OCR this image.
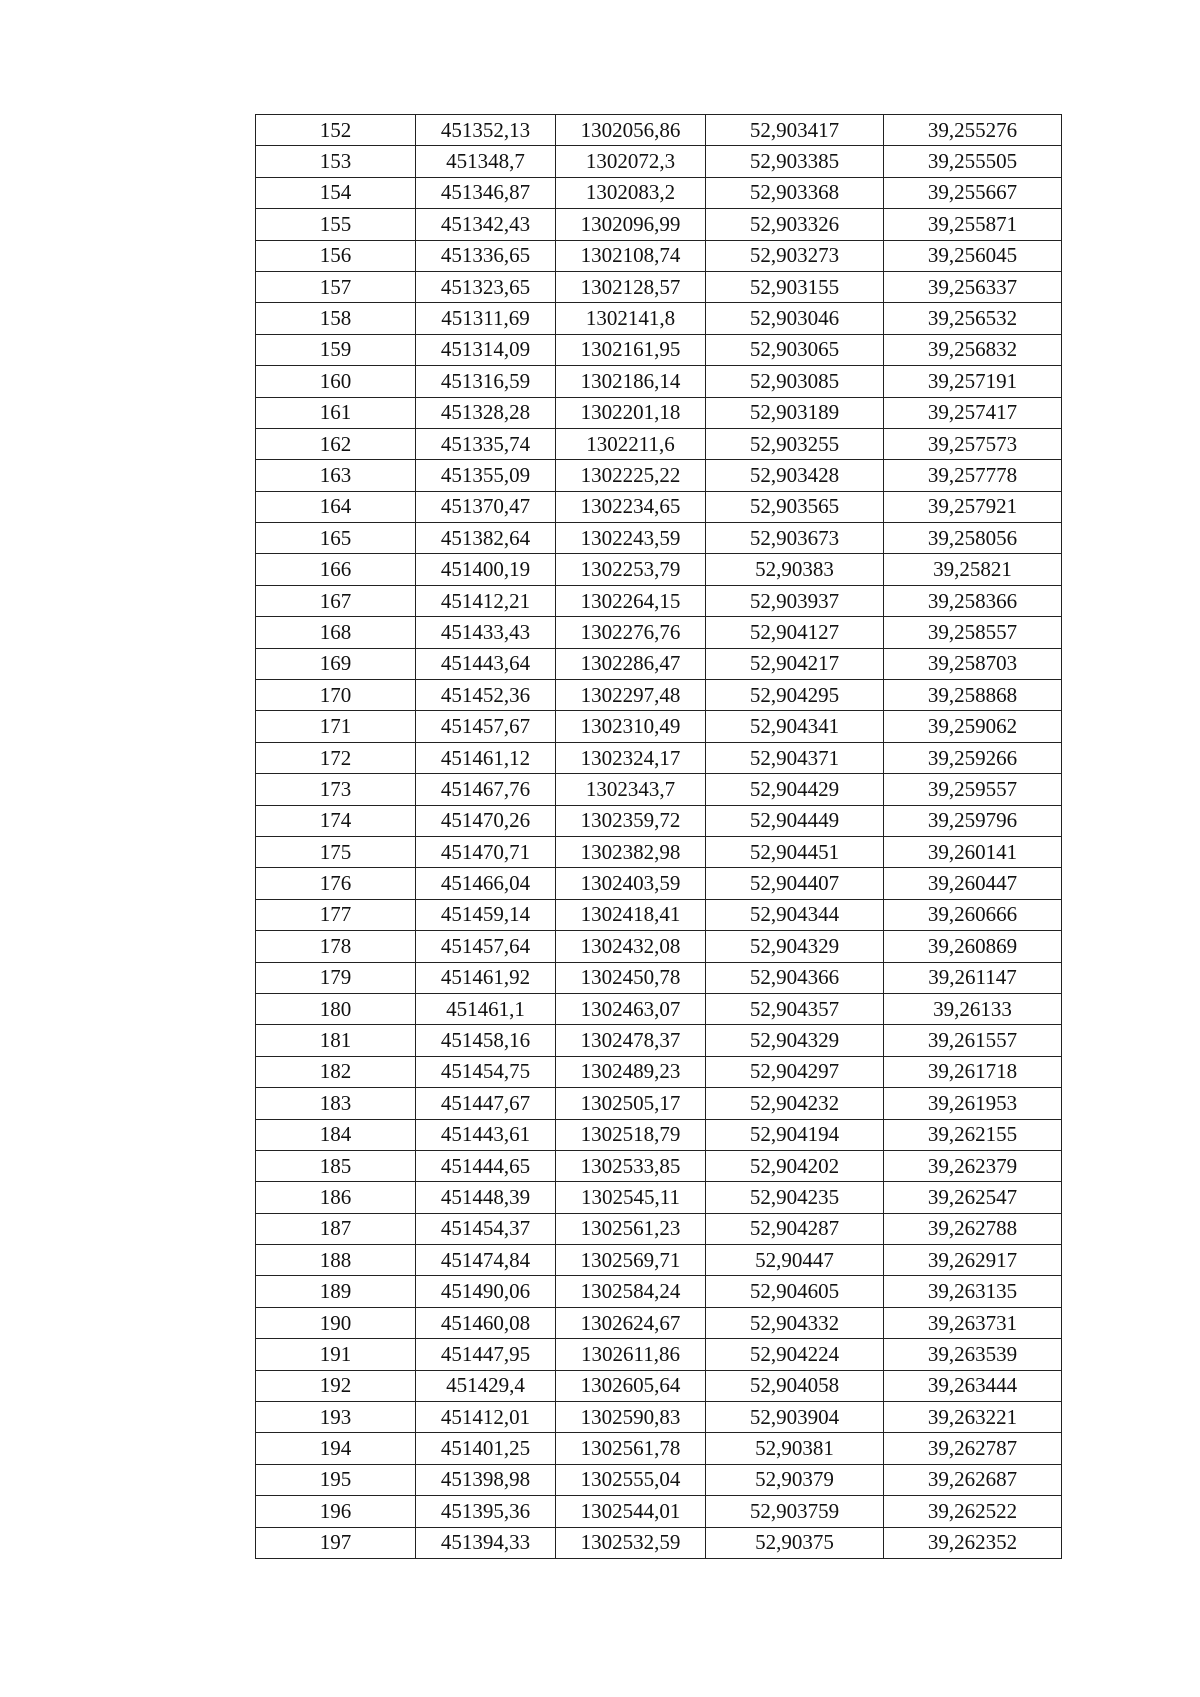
152	451352,13	1302056,86	52,903417	39,255276
153	451348,7	1302072,3	52,903385	39,255505
154	451346,87	1302083,2	52,903368	39,255667
155	451342,43	1302096,99	52,903326	39,255871
156	451336,65	1302108,74	52,903273	39,256045
157	451323,65	1302128,57	52,903155	39,256337
158	451311,69	1302141,8	52,903046	39,256532
159	451314,09	1302161,95	52,903065	39,256832
160	451316,59	1302186,14	52,903085	39,257191
161	451328,28	1302201,18	52,903189	39,257417
162	451335,74	1302211,6	52,903255	39,257573
163	451355,09	1302225,22	52,903428	39,257778
164	451370,47	1302234,65	52,903565	39,257921
165	451382,64	1302243,59	52,903673	39,258056
166	451400,19	1302253,79	52,90383	39,25821
167	451412,21	1302264,15	52,903937	39,258366
168	451433,43	1302276,76	52,904127	39,258557
169	451443,64	1302286,47	52,904217	39,258703
170	451452,36	1302297,48	52,904295	39,258868
171	451457,67	1302310,49	52,904341	39,259062
172	451461,12	1302324,17	52,904371	39,259266
173	451467,76	1302343,7	52,904429	39,259557
174	451470,26	1302359,72	52,904449	39,259796
175	451470,71	1302382,98	52,904451	39,260141
176	451466,04	1302403,59	52,904407	39,260447
177	451459,14	1302418,41	52,904344	39,260666
178	451457,64	1302432,08	52,904329	39,260869
179	451461,92	1302450,78	52,904366	39,261147
180	451461,1	1302463,07	52,904357	39,26133
181	451458,16	1302478,37	52,904329	39,261557
182	451454,75	1302489,23	52,904297	39,261718
183	451447,67	1302505,17	52,904232	39,261953
184	451443,61	1302518,79	52,904194	39,262155
185	451444,65	1302533,85	52,904202	39,262379
186	451448,39	1302545,11	52,904235	39,262547
187	451454,37	1302561,23	52,904287	39,262788
188	451474,84	1302569,71	52,90447	39,262917
189	451490,06	1302584,24	52,904605	39,263135
190	451460,08	1302624,67	52,904332	39,263731
191	451447,95	1302611,86	52,904224	39,263539
192	451429,4	1302605,64	52,904058	39,263444
193	451412,01	1302590,83	52,903904	39,263221
194	451401,25	1302561,78	52,90381	39,262787
195	451398,98	1302555,04	52,90379	39,262687
196	451395,36	1302544,01	52,903759	39,262522
197	451394,33	1302532,59	52,90375	39,262352
